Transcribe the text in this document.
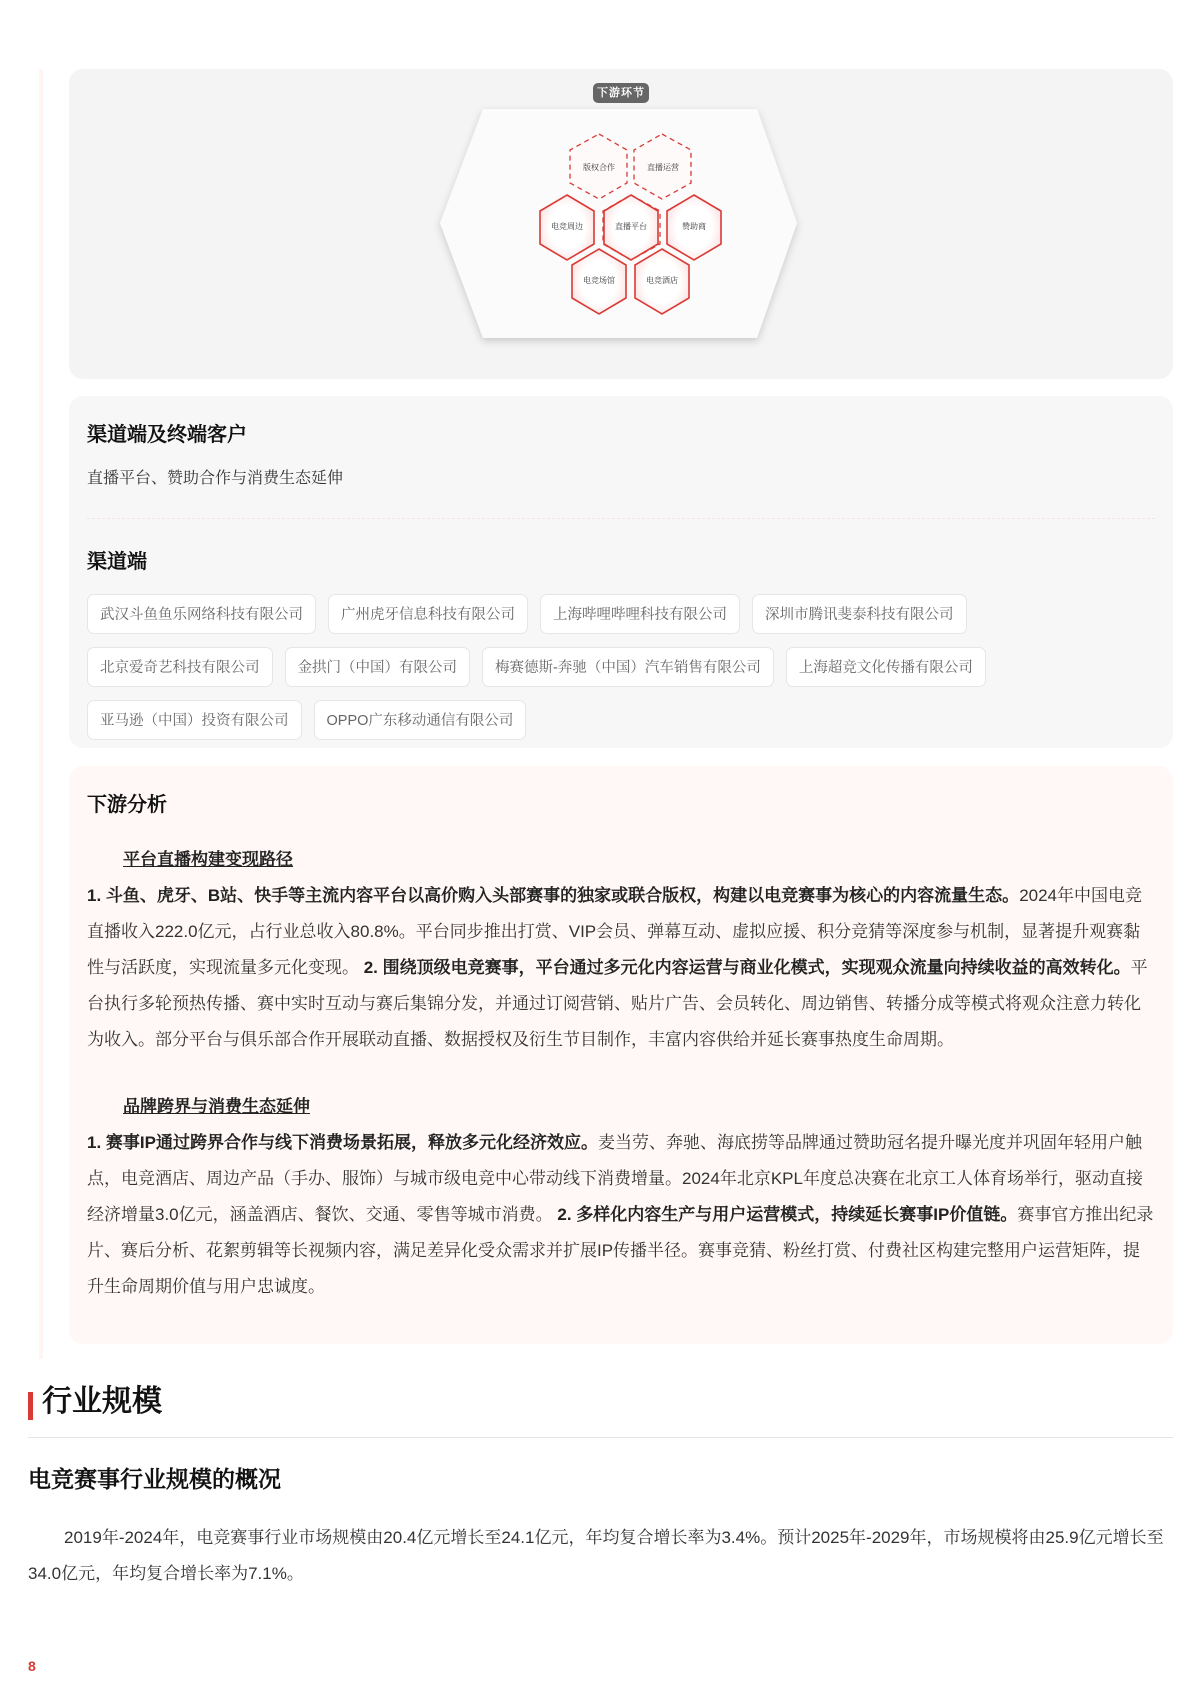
下游环节
版权合作	直播运营
电竞周边	直播平台	赞助商
电竞场馆	电竞酒店
渠道端及终端客户
直播平台、赞助合作与消费生态延伸
渠道端
武汉斗鱼鱼乐网络科技有限公司	广州虎牙信息科技有限公司	上海哔哩哔哩科技有限公司	深圳市腾讯斐泰科技有限公司
北京爱奇艺科技有限公司	金拱门（中国）有限公司	梅赛德斯-奔驰（中国）汽车销售有限公司	上海超竞文化传播有限公司
亚马逊（中国）投资有限公司	OPPO广东移动通信有限公司
下游分析
平台直播构建变现路径

1. 斗鱼、虎牙、B站、快手等主流内容平台以高价购入头部赛事的独家或联合版权，构建以电竞赛事为核心的内容流量生态。2024年中国电竞直播收入222.0亿元，占行业总收入80.8%。平台同步推出打赏、VIP会员、弹幕互动、虚拟应援、积分竞猜等深度参与机制，显著提升观赛黏性与活跃度，实现流量多元化变现。 2. 围绕顶级电竞赛事，平台通过多元化内容运营与商业化模式，实现观众流量向持续收益的高效转化。平台执行多轮预热传播、赛中实时互动与赛后集锦分发，并通过订阅营销、贴片广告、会员转化、周边销售、转播分成等模式将观众注意力转化为收入。部分平台与俱乐部合作开展联动直播、数据授权及衍生节目制作，丰富内容供给并延长赛事热度生命周期。

品牌跨界与消费生态延伸

1. 赛事IP通过跨界合作与线下消费场景拓展，释放多元化经济效应。麦当劳、奔驰、海底捞等品牌通过赞助冠名提升曝光度并巩固年轻用户触点，电竞酒店、周边产品（手办、服饰）与城市级电竞中心带动线下消费增量。2024年北京KPL年度总决赛在北京工人体育场举行，驱动直接经济增量3.0亿元，涵盖酒店、餐饮、交通、零售等城市消费。 2. 多样化内容生产与用户运营模式，持续延长赛事IP价值链。赛事官方推出纪录片、赛后分析、花絮剪辑等长视频内容，满足差异化受众需求并扩展IP传播半径。赛事竞猜、粉丝打赏、付费社区构建完整用户运营矩阵，提升生命周期价值与用户忠诚度。

行业规模
电竞赛事行业规模的概况

2019年-2024年，电竞赛事行业市场规模由20.4亿元增长至24.1亿元，年均复合增长率为3.4%。预计2025年-2029年，市场规模将由25.9亿元增长至34.0亿元，年均复合增长率为7.1%。

8
